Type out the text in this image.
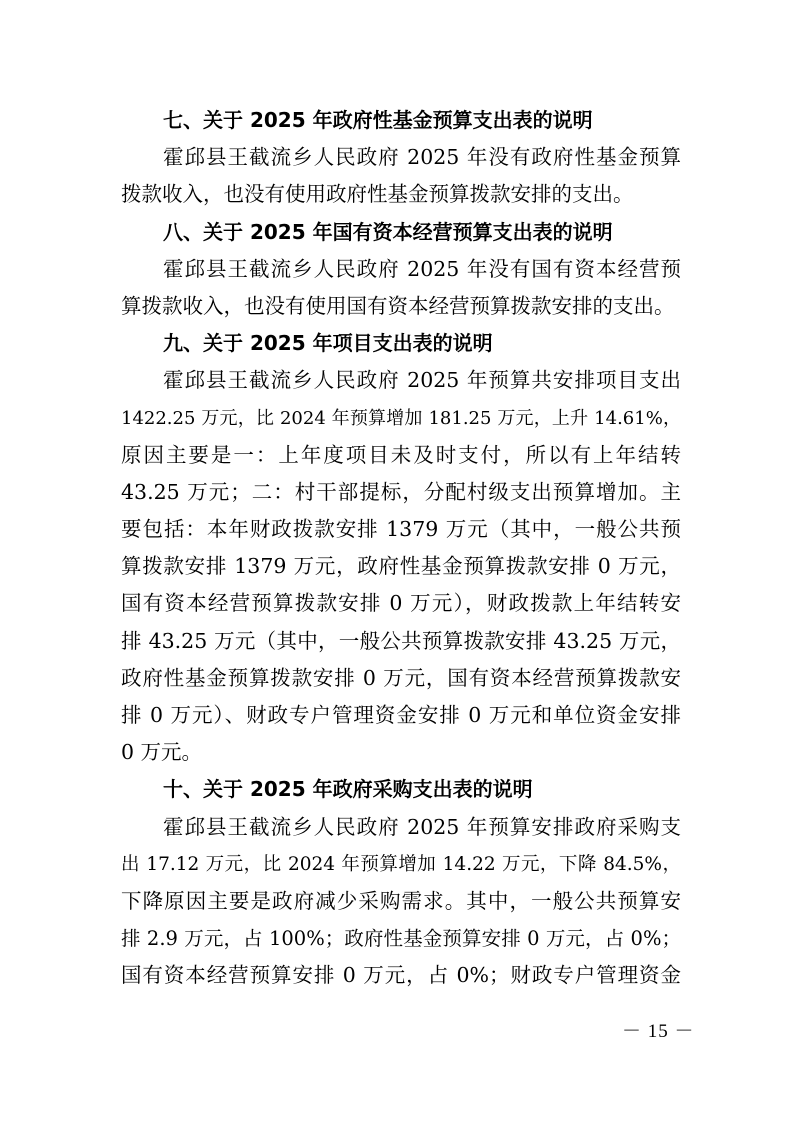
七、关于 2025 年政府性基金预算支出表的说明
霍邱县王截流乡人民政府 2025 年没有政府性基金预算
拨款收入，也没有使用政府性基金预算拨款安排的支出。
八、关于 2025 年国有资本经营预算支出表的说明
霍邱县王截流乡人民政府 2025 年没有国有资本经营预
算拨款收入，也没有使用国有资本经营预算拨款安排的支出。
九、关于 2025 年项目支出表的说明
霍邱县王截流乡人民政府 2025 年预算共安排项目支出
1422.25 万元，比 2024 年预算增加 181.25 万元，上升 14.61%，
原因主要是一：上年度项目未及时支付，所以有上年结转
43.25 万元；二：村干部提标，分配村级支出预算增加。主
要包括：本年财政拨款安排 1379 万元（其中，一般公共预
算拨款安排 1379 万元，政府性基金预算拨款安排 0 万元，
国有资本经营预算拨款安排 0 万元），财政拨款上年结转安
排 43.25 万元（其中，一般公共预算拨款安排 43.25 万元，
政府性基金预算拨款安排 0 万元，国有资本经营预算拨款安
排 0 万元）、财政专户管理资金安排 0 万元和单位资金安排
0 万元。
十、关于 2025 年政府采购支出表的说明
霍邱县王截流乡人民政府 2025 年预算安排政府采购支
出 17.12 万元，比 2024 年预算增加 14.22 万元，下降 84.5%，
下降原因主要是政府减少采购需求。其中，一般公共预算安
排 2.9 万元，占 100%；政府性基金预算安排 0 万元，占 0%；
国有资本经营预算安排 0 万元，占 0%；财政专户管理资金
－ 15 －
